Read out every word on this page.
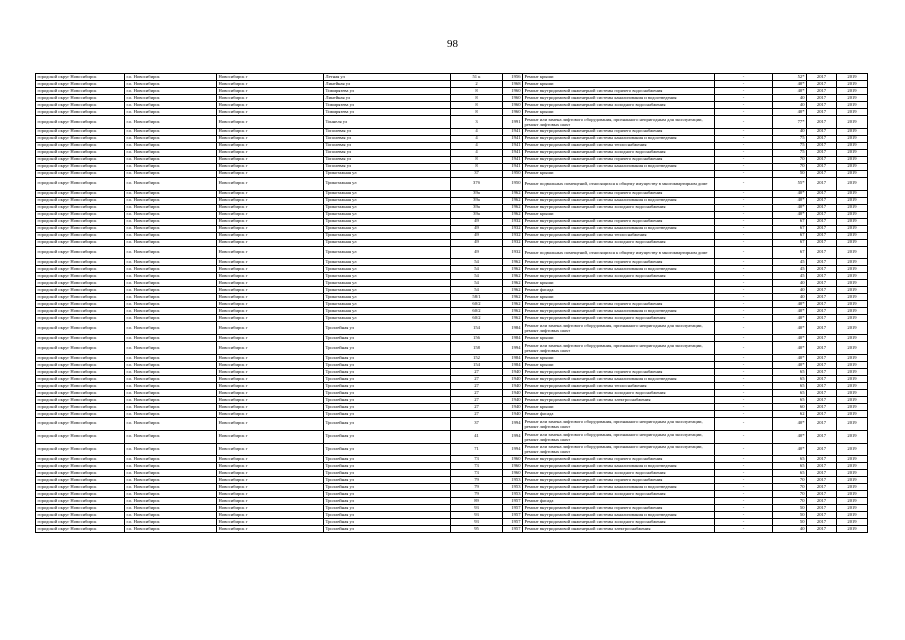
98
городской округ Новосибирск	г.о. Новосибирск	Новосибирск г	Летная ул	51 к	1956	Ремонт крыши	-	52*	2017	2019
городской округ Новосибирск	г.о. Новосибирск	Новосибирск г	Линейная ул	2	1968	Ремонт крыши	-	40*	2017	2019
городской округ Новосибирск	г.о. Новосибирск	Новосибирск г	Тимирязева ул	8	1960	Ремонт внутридомовой инженерной системы горячего водоснабжения	-	40*	2017	2019
городской округ Новосибирск	г.о. Новосибирск	Новосибирск г	Линейная ул	8	1960	Ремонт внутридомовой инженерной системы канализования и водоотведения	-	40	2017	2019
городской округ Новосибирск	г.о. Новосибирск	Новосибирск г	Тимирязева ул	8	1960	Ремонт внутридомовой инженерной системы холодного водоснабжения	-	40	2017	2019
городской округ Новосибирск	г.о. Новосибирск	Новосибирск г	Тимирязева ул	8	1960	Ремонт крыши	-	40*	2017	2019
городской округ Новосибирск	г.о. Новосибирск	Новосибирск г	Тоннеля ул	3	1991	Ремонт или замена лифтового оборудования, признанного непригодным для эксплуатации, ремонт лифтовых шахт	-	77*	2017	2019
городской округ Новосибирск	г.о. Новосибирск	Новосибирск г	Тополевая ул	4	1941	Ремонт внутридомовой инженерной системы горячего водоснабжения	-	40	2017	2019
городской округ Новосибирск	г.о. Новосибирск	Новосибирск г	Тополевая ул	4	1941	Ремонт внутридомовой инженерной системы канализования и водоотведения	-	75	2017	2019
городской округ Новосибирск	г.о. Новосибирск	Новосибирск г	Тополевая ул	4	1941	Ремонт внутридомовой инженерной системы теплоснабжения	-	75	2017	2019
городской округ Новосибирск	г.о. Новосибирск	Новосибирск г	Тополевая ул	4	1941	Ремонт внутридомовой инженерной системы холодного водоснабжения	-	75	2017	2019
городской округ Новосибирск	г.о. Новосибирск	Новосибирск г	Тополевая ул	8	1941	Ремонт внутридомовой инженерной системы горячего водоснабжения	-	70	2017	2019
городской округ Новосибирск	г.о. Новосибирск	Новосибирск г	Тополевая ул	8	1941	Ремонт внутридомовой инженерной системы канализования и водоотведения	-	70	2017	2019
городской округ Новосибирск	г.о. Новосибирск	Новосибирск г	Трикотажная ул	37	1950	Ремонт крыши	-	50	2017	2019
городской округ Новосибирск	г.о. Новосибирск	Новосибирск г	Трикотажная ул	37б	1950	Ремонт подвальных помещений, относящихся к общему имуществу в многоквартирном доме	-	55*	2017	2019
городской округ Новосибирск	г.о. Новосибирск	Новосибирск г	Трикотажная ул	39а	1962	Ремонт внутридомовой инженерной системы горячего водоснабжения	-	40*	2017	2019
городской округ Новосибирск	г.о. Новосибирск	Новосибирск г	Трикотажная ул	39а	1962	Ремонт внутридомовой инженерной системы канализования и водоотведения	-	40*	2017	2019
городской округ Новосибирск	г.о. Новосибирск	Новосибирск г	Трикотажная ул	39а	1962	Ремонт внутридомовой инженерной системы холодного водоснабжения	-	40*	2017	2019
городской округ Новосибирск	г.о. Новосибирск	Новосибирск г	Трикотажная ул	39а	1962	Ремонт крыши	-	40*	2017	2019
городской округ Новосибирск	г.о. Новосибирск	Новосибирск г	Трикотажная ул	49	1932	Ремонт внутридомовой инженерной системы горячего водоснабжения	-	67	2017	2019
городской округ Новосибирск	г.о. Новосибирск	Новосибирск г	Трикотажная ул	49	1932	Ремонт внутридомовой инженерной системы канализования и водоотведения	-	67	2017	2019
городской округ Новосибирск	г.о. Новосибирск	Новосибирск г	Трикотажная ул	49	1932	Ремонт внутридомовой инженерной системы теплоснабжения	-	67	2017	2019
городской округ Новосибирск	г.о. Новосибирск	Новосибирск г	Трикотажная ул	49	1932	Ремонт внутридомовой инженерной системы холодного водоснабжения	-	67	2017	2019
городской округ Новосибирск	г.о. Новосибирск	Новосибирск г	Трикотажная ул	49	1932	Ремонт подвальных помещений, относящихся к общему имуществу в многоквартирном доме	-	67	2017	2019
городской округ Новосибирск	г.о. Новосибирск	Новосибирск г	Трикотажная ул	54	1962	Ремонт внутридомовой инженерной системы горячего водоснабжения	-	45	2017	2019
городской округ Новосибирск	г.о. Новосибирск	Новосибирск г	Трикотажная ул	54	1962	Ремонт внутридомовой инженерной системы канализования и водоотведения	-	45	2017	2019
городской округ Новосибирск	г.о. Новосибирск	Новосибирск г	Трикотажная ул	54	1962	Ремонт внутридомовой инженерной системы холодного водоснабжения	-	45	2017	2019
городской округ Новосибирск	г.о. Новосибирск	Новосибирск г	Трикотажная ул	54	1962	Ремонт крыши	-	40	2017	2019
городской округ Новосибирск	г.о. Новосибирск	Новосибирск г	Трикотажная ул	54	1962	Ремонт фасада	-	40	2017	2019
городской округ Новосибирск	г.о. Новосибирск	Новосибирск г	Трикотажная ул	58/1	1962	Ремонт крыши	-	40	2017	2019
городской округ Новосибирск	г.о. Новосибирск	Новосибирск г	Трикотажная ул	60/2	1962	Ремонт внутридомовой инженерной системы горячего водоснабжения	-	40*	2017	2019
городской округ Новосибирск	г.о. Новосибирск	Новосибирск г	Трикотажная ул	60/2	1962	Ремонт внутридомовой инженерной системы канализования и водоотведения	-	40*	2017	2019
городской округ Новосибирск	г.о. Новосибирск	Новосибирск г	Трикотажная ул	60/2	1962	Ремонт внутридомовой инженерной системы холодного водоснабжения	-	40*	2017	2019
городской округ Новосибирск	г.о. Новосибирск	Новосибирск г	Троллейная ул	154	1984	Ремонт или замена лифтового оборудования, признанного непригодным для эксплуатации, ремонт лифтовых шахт	-	40*	2017	2019
городской округ Новосибирск	г.о. Новосибирск	Новосибирск г	Троллейная ул	156	1984	Ремонт крыши	-	40*	2017	2019
городской округ Новосибирск	г.о. Новосибирск	Новосибирск г	Троллейная ул	158	1994	Ремонт или замена лифтового оборудования, признанного непригодным для эксплуатации, ремонт лифтовых шахт	-	40*	2017	2019
городской округ Новосибирск	г.о. Новосибирск	Новосибирск г	Троллейная ул	152	1984	Ремонт крыши	-	40*	2017	2019
городской округ Новосибирск	г.о. Новосибирск	Новосибирск г	Троллейная ул	154	1984	Ремонт крыши	-	40*	2017	2019
городской округ Новосибирск	г.о. Новосибирск	Новосибирск г	Троллейная ул	27	1940	Ремонт внутридомовой инженерной системы горячего водоснабжения	-	65	2017	2019
городской округ Новосибирск	г.о. Новосибирск	Новосибирск г	Троллейная ул	27	1940	Ремонт внутридомовой инженерной системы канализования и водоотведения	-	65	2017	2019
городской округ Новосибирск	г.о. Новосибирск	Новосибирск г	Троллейная ул	27	1940	Ремонт внутридомовой инженерной системы теплоснабжения	-	65	2017	2019
городской округ Новосибирск	г.о. Новосибирск	Новосибирск г	Троллейная ул	27	1940	Ремонт внутридомовой инженерной системы холодного водоснабжения	-	65	2017	2019
городской округ Новосибирск	г.о. Новосибирск	Новосибирск г	Троллейная ул	27	1940	Ремонт внутридомовой инженерной системы электроснабжения	-	65	2017	2019
городской округ Новосибирск	г.о. Новосибирск	Новосибирск г	Троллейная ул	27	1940	Ремонт крыши	-	60	2017	2019
городской округ Новосибирск	г.о. Новосибирск	Новосибирск г	Троллейная ул	27	1940	Ремонт фасада	-	62	2017	2019
городской округ Новосибирск	г.о. Новосибирск	Новосибирск г	Троллейная ул	37	1994	Ремонт или замена лифтового оборудования, признанного непригодным для эксплуатации, ремонт лифтовых шахт	-	40*	2017	2019
городской округ Новосибирск	г.о. Новосибирск	Новосибирск г	Троллейная ул	41	1994	Ремонт или замена лифтового оборудования, признанного непригодным для эксплуатации, ремонт лифтовых шахт	-	40*	2017	2019
городской округ Новосибирск	г.о. Новосибирск	Новосибирск г	Троллейная ул	71	1994	Ремонт или замена лифтового оборудования, признанного непригодным для эксплуатации, ремонт лифтовых шахт	-	40*	2017	2019
городской округ Новосибирск	г.о. Новосибирск	Новосибирск г	Троллейная ул	73	1960	Ремонт внутридомовой инженерной системы горячего водоснабжения	-	65	2017	2019
городской округ Новосибирск	г.о. Новосибирск	Новосибирск г	Троллейная ул	73	1960	Ремонт внутридомовой инженерной системы канализования и водоотведения	-	65	2017	2019
городской округ Новосибирск	г.о. Новосибирск	Новосибирск г	Троллейная ул	73	1960	Ремонт внутридомовой инженерной системы холодного водоснабжения	-	65	2017	2019
городской округ Новосибирск	г.о. Новосибирск	Новосибирск г	Троллейная ул	79	1953	Ремонт внутридомовой инженерной системы горячего водоснабжения	-	70	2017	2019
городской округ Новосибирск	г.о. Новосибирск	Новосибирск г	Троллейная ул	79	1953	Ремонт внутридомовой инженерной системы канализования и водоотведения	-	70	2017	2019
городской округ Новосибирск	г.о. Новосибирск	Новосибирск г	Троллейная ул	79	1953	Ремонт внутридомовой инженерной системы холодного водоснабжения	-	70	2017	2019
городской округ Новосибирск	г.о. Новосибирск	Новосибирск г	Троллейная ул	89	1957	Ремонт фасада	-	70	2017	2019
городской округ Новосибирск	г.о. Новосибирск	Новосибирск г	Троллейная ул	93	1957	Ремонт внутридомовой инженерной системы горячего водоснабжения	-	50	2017	2019
городской округ Новосибирск	г.о. Новосибирск	Новосибирск г	Троллейная ул	93	1957	Ремонт внутридомовой инженерной системы канализования и водоотведения	-	50	2017	2019
городской округ Новосибирск	г.о. Новосибирск	Новосибирск г	Троллейная ул	93	1957	Ремонт внутридомовой инженерной системы холодного водоснабжения	-	50	2017	2019
городской округ Новосибирск	г.о. Новосибирск	Новосибирск г	Троллейная ул	95	1957	Ремонт внутридомовой инженерной системы электроснабжения	-	40	2017	2019
